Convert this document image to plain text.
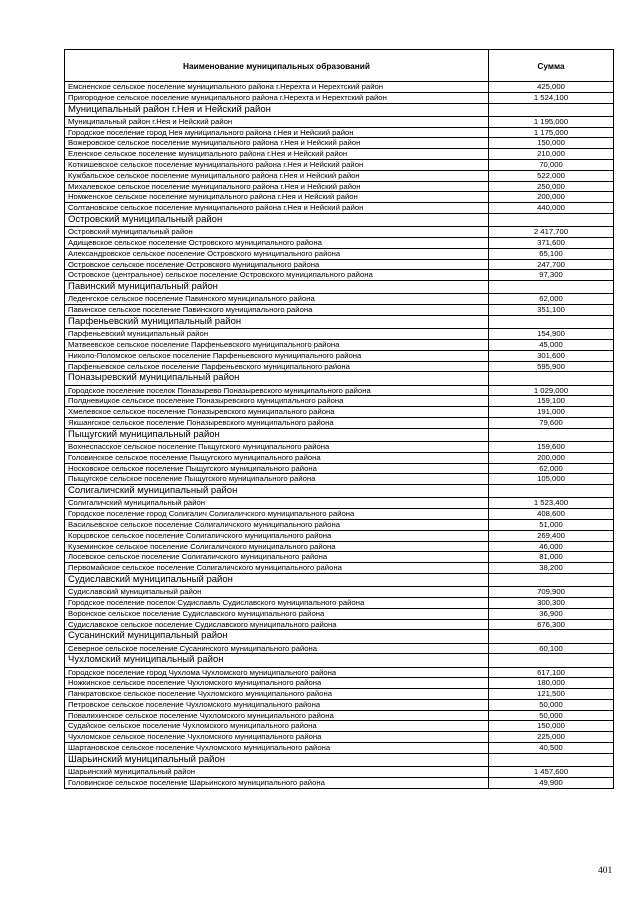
Наименование муниципальных образований	Сумма
Емсненское сельское поселение муниципального района г.Нерехта и Нерехтский район	425,000
Пригородное сельское поселение муниципального района г.Нерехта и Нерехтский район	1 524,100
Муниципальный район г.Нея и Нейский район	
Муниципальный район г.Нея и Нейский район	1 195,000
Городское поселение город Нея муниципального района г.Нея и Нейский район	1 175,000
Вожеровское сельское поселение муниципального района г.Нея и Нейский район	150,000
Еленское сельское поселение муниципального района г.Нея и Нейский район	210,000
Коткишевское сельское поселение муниципального района г.Нея и Нейский район	70,000
Кужбальское сельское поселение муниципального района г.Нея и Нейский район	522,000
Михалевское сельское поселение муниципального района г.Нея и Нейский район	250,000
Номженское сельское поселение муниципального района г.Нея и Нейский район	200,000
Солтановское сельское поселение муниципального района г.Нея и Нейский район	440,000
Островский муниципальный район	
Островский муниципальный район	2 417,700
Адищевское сельское поселение Островского муниципального района	371,600
Александровское сельское поселение Островского муниципального района	65,100
Островское сельское поселение Островского муниципального района	247,700
Островское (центральное) сельское поселение Островского муниципального района	97,300
Павинский муниципальный район	
Леденгское сельское поселение Павинского муниципального района	62,000
Павинское сельское поселение Павинского муниципального района	351,100
Парфеньевский муниципальный район	
Парфеньевский муниципальный район	154,900
Матвеевское сельское поселение Парфеньевского муниципального района	45,000
Николо-Поломское сельское поселение Парфеньевского муниципального района	301,600
Парфеньевское сельское поселение Парфеньевского муниципального района	595,900
Поназыревский муниципальный район	
Городское поселение поселок Поназырево Поназыревского муниципального района	1 029,000
Полдневицкое сельское поселение Поназыревского муниципального района	159,100
Хмелевское сельское поселение Поназыревского муниципального района	191,000
Якшангское сельское поселение Поназыревского муниципального района	79,600
Пыщугский муниципальный район	
Вохнеспасское сельское поселение Пыщугского муниципального района	159,600
Головинское сельское поселение Пыщугского муниципального района	200,000
Носковское сельское поселение Пыщугского муниципального района	62,000
Пыщугское сельское поселение Пыщугского муниципального района	105,000
Солигаличский муниципальный район	
Солигаличский муниципальный район	1 523,400
Городское поселение город Солигалич Солигаличского муниципального района	408,600
Васильевское сельское поселение Солигаличского муниципального района	51,000
Корцовское сельское поселение Солигаличского муниципального района	269,400
Куземинское сельское поселение Солигаличского муниципального района	46,000
Лосевское сельское поселение Солигаличского муниципального района	81,000
Первомайское сельское поселение Солигаличского муниципального района	38,200
Судиславский муниципальный район	
Судиславский муниципальный район	709,900
Городское поселение поселок Судиславль Судиславского муниципального района	300,300
Воронское сельское поселение Судиславского муниципального района	36,900
Судиславское сельское поселение Судиславского муниципального района	676,300
Сусанинский муниципальный район	
Северное сельское поселение Сусанинского муниципального района	60,100
Чухломский муниципальный район	
Городское поселение город Чухлома Чухломского муниципального района	617,100
Ножкинское сельское поселение Чухломского муниципального района	180,000
Панкратовское сельское поселение Чухломского муниципального района	121,500
Петровское сельское поселение Чухломского муниципального района	50,000
Повалихинское сельское поселение Чухломского муниципального района	50,000
Судайское сельское поселение Чухломского муниципального района	150,000
Чухломское сельское поселение Чухломского муниципального района	225,000
Шартановское сельское поселение Чухломского муниципального района	40,500
Шарьинский муниципальный район	
Шарьинский муниципальный район	1 457,600
Головинское сельское поселение Шарьинского муниципального района	49,900
401
